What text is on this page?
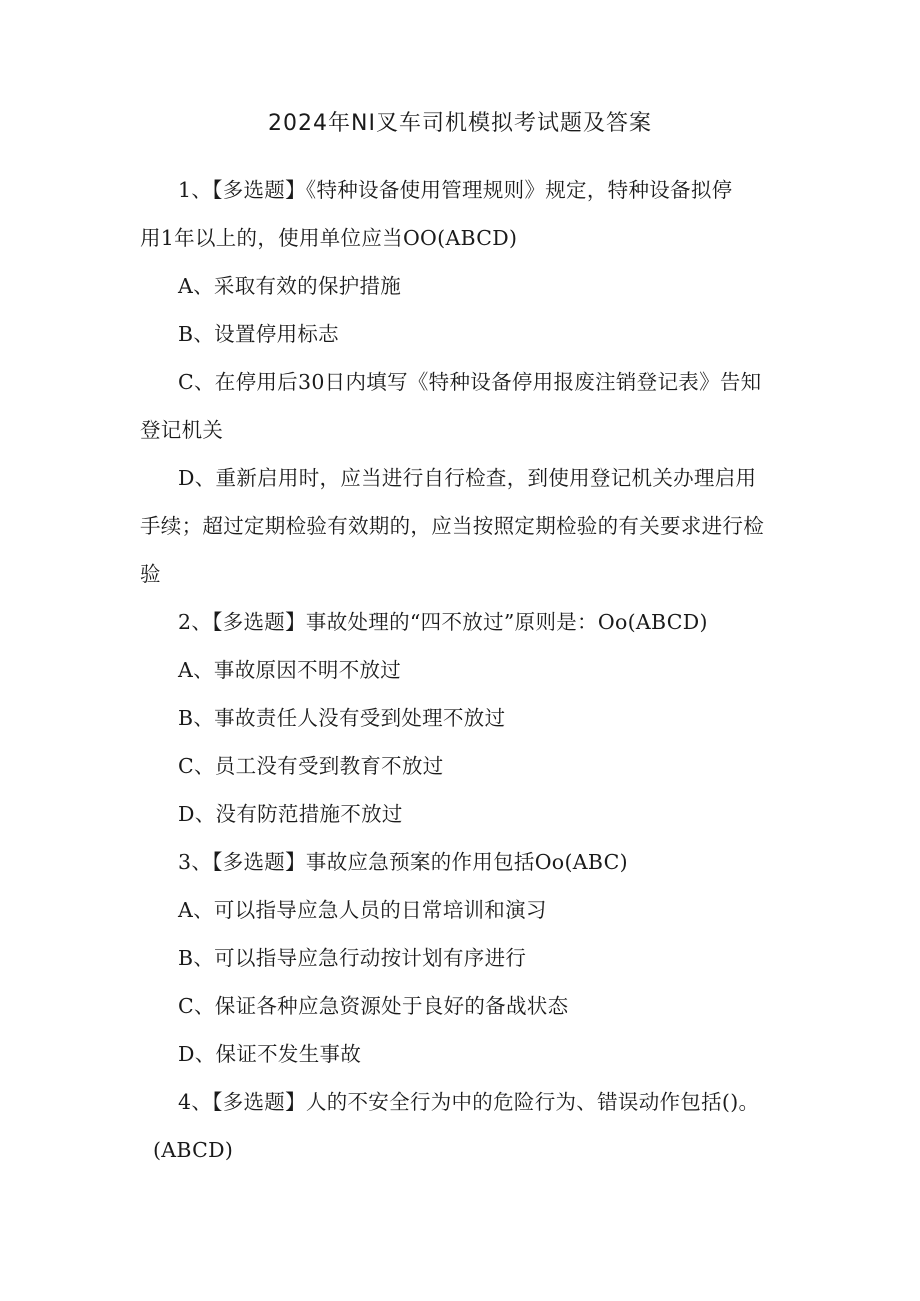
2024年NI叉车司机模拟考试题及答案
1、【多选题】《特种设备使用管理规则》规定，特种设备拟停
用1年以上的，使用单位应当OO(ABCD)
A、采取有效的保护措施
B、设置停用标志
C、在停用后30日内填写《特种设备停用报废注销登记表》告知
登记机关
D、重新启用时，应当进行自行检查，到使用登记机关办理启用
手续；超过定期检验有效期的，应当按照定期检验的有关要求进行检
验
2、【多选题】事故处理的“四不放过”原则是：Oo(ABCD)
A、事故原因不明不放过
B、事故责任人没有受到处理不放过
C、员工没有受到教育不放过
D、没有防范措施不放过
3、【多选题】事故应急预案的作用包括Oo(ABC)
A、可以指导应急人员的日常培训和演习
B、可以指导应急行动按计划有序进行
C、保证各种应急资源处于良好的备战状态
D、保证不发生事故
4、【多选题】人的不安全行为中的危险行为、错误动作包括()。
(ABCD)
